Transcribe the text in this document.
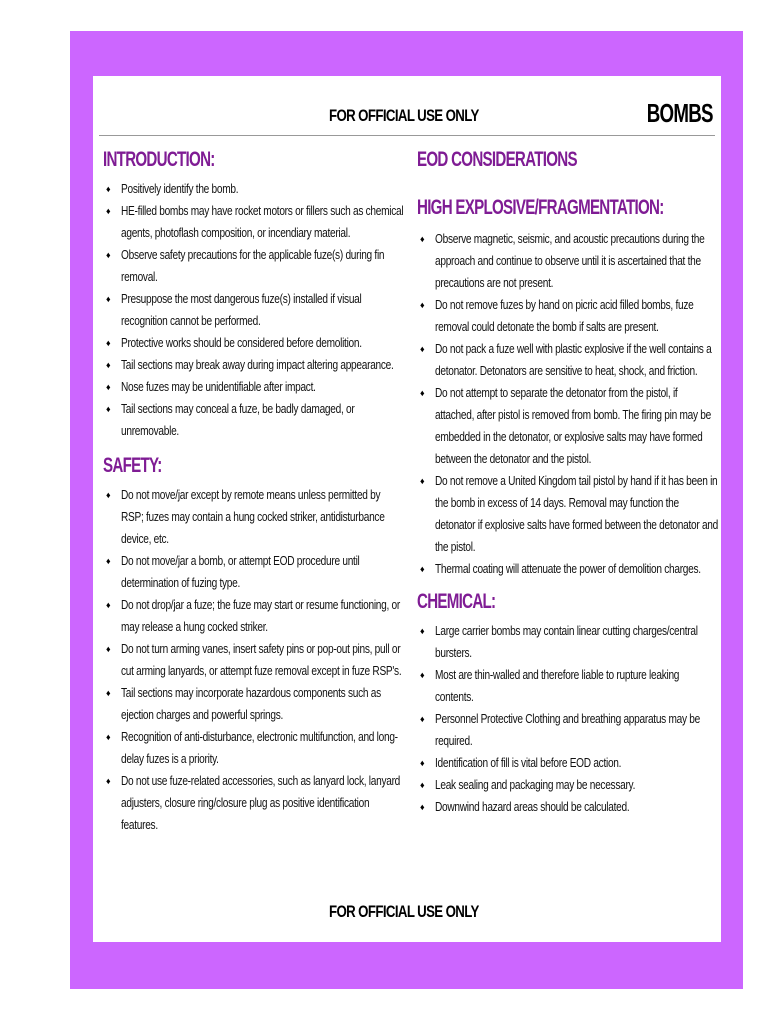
FOR OFFICIAL USE ONLY	BOMBS
INTRODUCTION:
♦ Positively identify the bomb.
♦ HE-filled bombs may have rocket motors or fillers such as chemical agents, photoflash composition, or incendiary material.
♦ Observe safety precautions for the applicable fuze(s) during fin removal.
♦ Presuppose the most dangerous fuze(s) installed if visual recognition cannot be performed.
♦ Protective works should be considered before demolition.
♦ Tail sections may break away during impact altering appearance.
♦ Nose fuzes may be unidentifiable after impact.
♦ Tail sections may conceal a fuze, be badly damaged, or unremovable.
SAFETY:
♦ Do not move/jar except by remote means unless permitted by RSP; fuzes may contain a hung cocked striker, antidisturbance device, etc.
♦ Do not move/jar a bomb, or attempt EOD procedure until determination of fuzing type.
♦ Do not drop/jar a fuze; the fuze may start or resume functioning, or may release a hung cocked striker.
♦ Do not turn arming vanes, insert safety pins or pop-out pins, pull or cut arming lanyards, or attempt fuze removal except in fuze RSP's.
♦ Tail sections may incorporate hazardous components such as ejection charges and powerful springs.
♦ Recognition of anti-disturbance, electronic multifunction, and long-delay fuzes is a priority.
♦ Do not use fuze-related accessories, such as lanyard lock, lanyard adjusters, closure ring/closure plug as positive identification features.
EOD CONSIDERATIONS
HIGH EXPLOSIVE/FRAGMENTATION:
♦ Observe magnetic, seismic, and acoustic precautions during the approach and continue to observe until it is ascertained that the precautions are not present.
♦ Do not remove fuzes by hand on picric acid filled bombs, fuze removal could detonate the bomb if salts are present.
♦ Do not pack a fuze well with plastic explosive if the well contains a detonator. Detonators are sensitive to heat, shock, and friction.
♦ Do not attempt to separate the detonator from the pistol, if attached, after pistol is removed from bomb. The firing pin may be embedded in the detonator, or explosive salts may have formed between the detonator and the pistol.
♦ Do not remove a United Kingdom tail pistol by hand if it has been in the bomb in excess of 14 days. Removal may function the detonator if explosive salts have formed between the detonator and the pistol.
♦ Thermal coating will attenuate the power of demolition charges.
CHEMICAL:
♦ Large carrier bombs may contain linear cutting charges/central bursters.
♦ Most are thin-walled and therefore liable to rupture leaking contents.
♦ Personnel Protective Clothing and breathing apparatus may be required.
♦ Identification of fill is vital before EOD action.
♦ Leak sealing and packaging may be necessary.
♦ Downwind hazard areas should be calculated.
FOR OFFICIAL USE ONLY
